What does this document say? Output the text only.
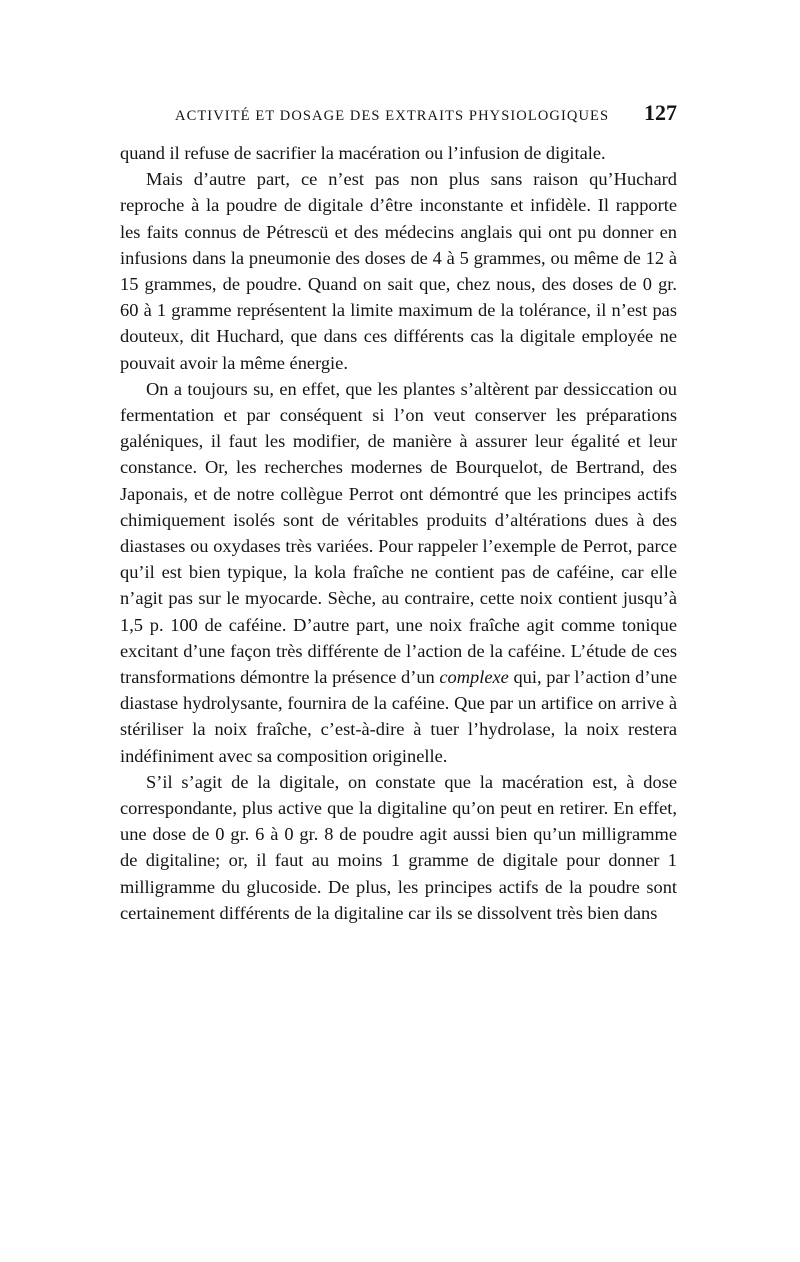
ACTIVITÉ ET DOSAGE DES EXTRAITS PHYSIOLOGIQUES 127

quand il refuse de sacrifier la macération ou l’infusion de digitale.

Mais d’autre part, ce n’est pas non plus sans raison qu’Huchard reproche à la poudre de digitale d’être inconstante et infidèle. Il rapporte les faits connus de Pétrescü et des médecins anglais qui ont pu donner en infusions dans la pneumonie des doses de 4 à 5 grammes, ou même de 12 à 15 grammes, de poudre. Quand on sait que, chez nous, des doses de 0 gr. 60 à 1 gramme représentent la limite maximum de la tolérance, il n’est pas douteux, dit Huchard, que dans ces différents cas la digitale employée ne pouvait avoir la même énergie.

On a toujours su, en effet, que les plantes s’altèrent par dessiccation ou fermentation et par conséquent si l’on veut conserver les préparations galéniques, il faut les modifier, de manière à assurer leur égalité et leur constance. Or, les recherches modernes de Bourquelot, de Bertrand, des Japonais, et de notre collègue Perrot ont démontré que les principes actifs chimiquement isolés sont de véritables produits d’altérations dues à des diastases ou oxydases très variées. Pour rappeler l’exemple de Perrot, parce qu’il est bien typique, la kola fraîche ne contient pas de caféine, car elle n’agit pas sur le myocarde. Sèche, au contraire, cette noix contient jusqu’à 1,5 p. 100 de caféine. D’autre part, une noix fraîche agit comme tonique excitant d’une façon très différente de l’action de la caféine. L’étude de ces transformations démontre la présence d’un complexe qui, par l’action d’une diastase hydrolysante, fournira de la caféine. Que par un artifice on arrive à stériliser la noix fraîche, c’est-à-dire à tuer l’hydrolase, la noix restera indéfiniment avec sa composition originelle.

S’il s’agit de la digitale, on constate que la macération est, à dose correspondante, plus active que la digitaline qu’on peut en retirer. En effet, une dose de 0 gr. 6 à 0 gr. 8 de poudre agit aussi bien qu’un milligramme de digitaline; or, il faut au moins 1 gramme de digitale pour donner 1 milligramme du glucoside. De plus, les principes actifs de la poudre sont certainement différents de la digitaline car ils se dissolvent très bien dans
